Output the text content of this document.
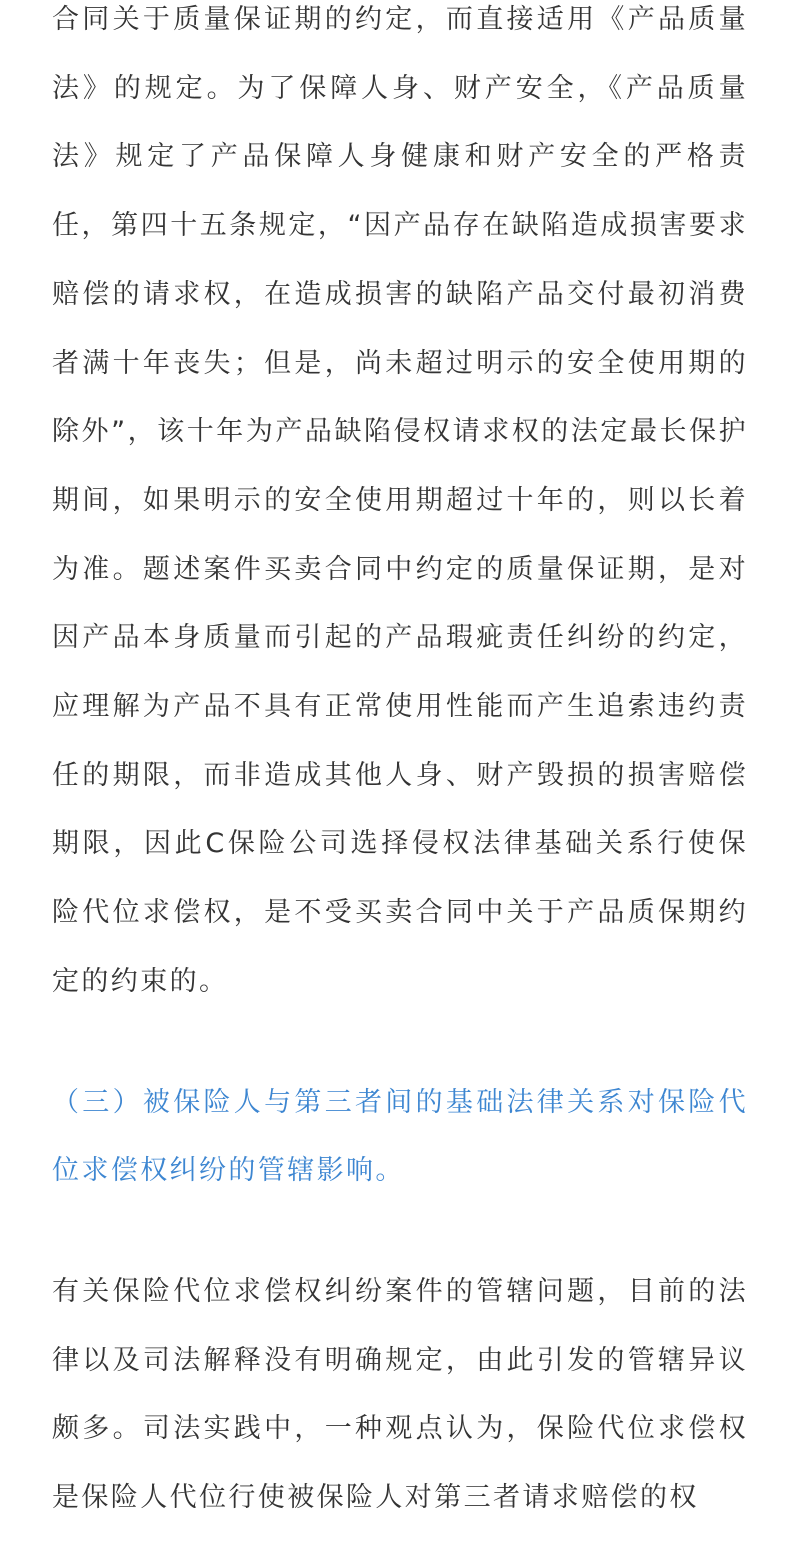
合同关于质量保证期的约定，而直接适用《产品质量法》的规定。为了保障人身、财产安全，《产品质量法》规定了产品保障人身健康和财产安全的严格责任，第四十五条规定，“因产品存在缺陷造成损害要求赔偿的请求权，在造成损害的缺陷产品交付最初消费者满十年丧失；但是，尚未超过明示的安全使用期的除外”，该十年为产品缺陷侵权请求权的法定最长保护期间，如果明示的安全使用期超过十年的，则以长着为准。题述案件买卖合同中约定的质量保证期，是对因产品本身质量而引起的产品瑕疵责任纠纷的约定，应理解为产品不具有正常使用性能而产生追索违约责任的期限，而非造成其他人身、财产毁损的损害赔偿期限，因此C保险公司选择侵权法律基础关系行使保险代位求偿权，是不受买卖合同中关于产品质保期约定的约束的。

（三）被保险人与第三者间的基础法律关系对保险代位求偿权纠纷的管辖影响。

有关保险代位求偿权纠纷案件的管辖问题，目前的法律以及司法解释没有明确规定，由此引发的管辖异议颇多。司法实践中，一种观点认为，保险代位求偿权是保险人代位行使被保险人对第三者请求赔偿的权
